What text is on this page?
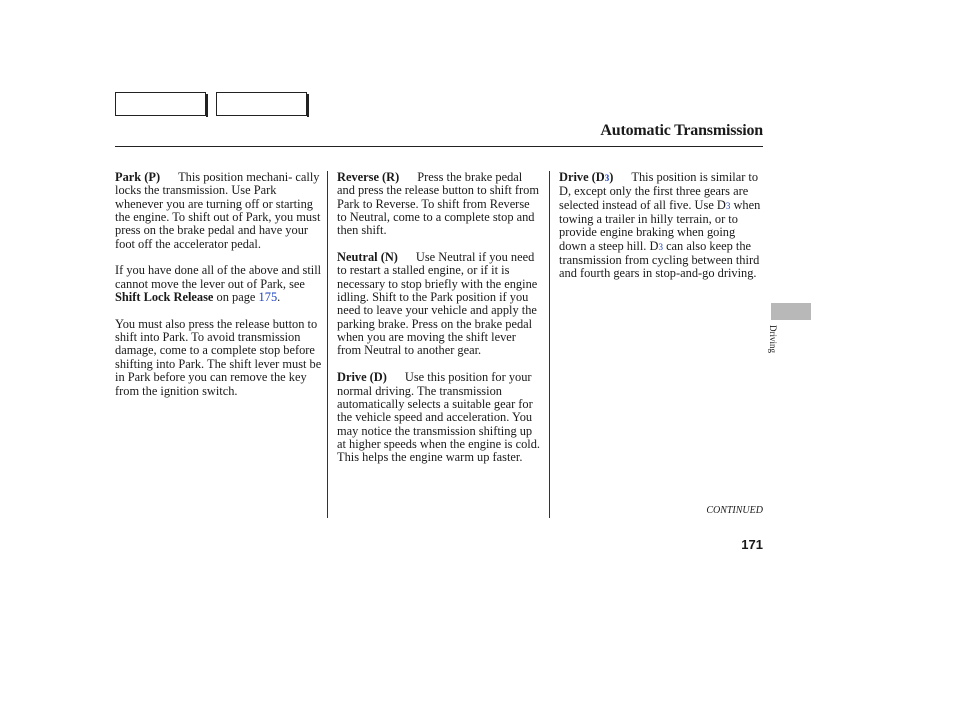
Automatic Transmission

Park (P) This position mechani- cally locks the transmission. Use Park whenever you are turning off or starting the engine. To shift out of Park, you must press on the brake pedal and have your foot off the accelerator pedal.

If you have done all of the above and still cannot move the lever out of Park, see Shift Lock Release on page 175.

You must also press the release button to shift into Park. To avoid transmission damage, come to a complete stop before shifting into Park. The shift lever must be in Park before you can remove the key from the ignition switch.

Reverse (R) Press the brake pedal and press the release button to shift from Park to Reverse. To shift from Reverse to Neutral, come to a complete stop and then shift.

Neutral (N) Use Neutral if you need to restart a stalled engine, or if it is necessary to stop briefly with the engine idling. Shift to the Park position if you need to leave your vehicle and apply the parking brake. Press on the brake pedal when you are moving the shift lever from Neutral to another gear.

Drive (D) Use this position for your normal driving. The transmission automatically selects a suitable gear for the vehicle speed and acceleration. You may notice the transmission shifting up at higher speeds when the engine is cold. This helps the engine warm up faster.

Drive (D3) This position is similar to D, except only the first three gears are selected instead of all five. Use D3 when towing a trailer in hilly terrain, or to provide engine braking when going down a steep hill. D3 can also keep the transmission from cycling between third and fourth gears in stop-and-go driving.

Driving
CONTINUED
171
